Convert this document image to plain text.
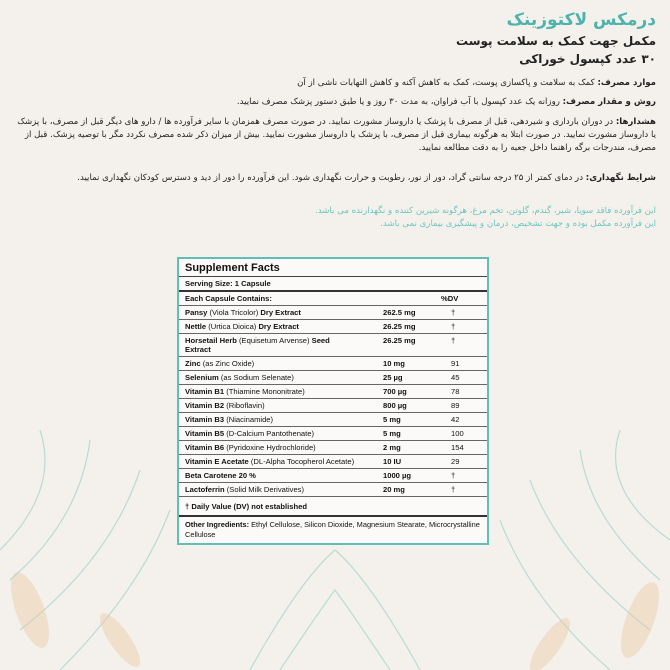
درمکس لاکتوزینک
مکمل جهت کمک به سلامت پوست
۳۰ عدد کپسول خوراکی
موارد مصرف: کمک به سلامت و پاکسازی پوست، کمک به کاهش آکنه و کاهش التهابات ناشی از آن
روش و مقدار مصرف: روزانه یک عدد کپسول با آب فراوان، به مدت ۳۰ روز و یا طبق دستور پزشک مصرف نمایید.
هشدارها: در دوران بارداری و شیردهی، قبل از مصرف با پزشک یا داروساز مشورت نمایید. در صورت مصرف همزمان با سایر فرآورده ها / دارو های دیگر قبل از مصرف، با پزشک یا داروساز مشورت نمایید. در صورت ابتلا به هرگونه بیماری قبل از مصرف، با پزشک یا داروساز مشورت نمایید. بیش از میزان ذکر شده مصرف نکردد مگر با توصیه پزشک. قبل از مصرف، مندرجات برگه راهنما داخل جعبه را به دقت مطالعه نمایید.
شرایط نگهداری: در دمای کمتر از ۲۵ درجه سانتی گراد، دور از نور، رطوبت و حرارت نگهداری شود. این فرآورده را دور از دید و دسترس کودکان نگهداری نمایید.
این فرآورده فاقد سویا، شیر، گندم، گلوتن، تخم مرغ، هرگونه شیرین کننده و نگهدارنده می باشد.
این فرآورده مکمل بوده و جهت تشخیص، درمان و پیشگیری بیماری نمی باشد.
Supplement Facts
Serving Size: 1 Capsule
Each Capsule Contains:	%DV
Pansy (Viola Tricolor) Dry Extract	262.5 mg	†
Nettle (Urtica Dioica) Dry Extract	26.25 mg	†
Horsetail Herb (Equisetum Arvense) Seed Extract
26.25 mg	†
Zinc (as Zinc Oxide)	10 mg	91
Selenium (as Sodium Selenate)	25 µg	45
Vitamin B1 (Thiamine Mononitrate)	700 µg	78
Vitamin B2 (Riboflavin)	800 µg	89
Vitamin B3 (Niacinamide)	5 mg	42
Vitamin B5 (D-Calcium Pantothenate)	5 mg	100
Vitamin B6 (Pyridoxine Hydrochloride)	2 mg	154
Vitamin E Acetate (DL-Alpha Tocopherol Acetate)	10 IU	29
Beta Carotene 20 %	1000 µg	†
Lactoferrin (Solid Milk Derivatives)	20 mg	†
† Daily Value (DV) not established
Other Ingredients: Ethyl Cellulose, Silicon Dioxide, Magnesium Stearate, Microcrystalline Cellulose
